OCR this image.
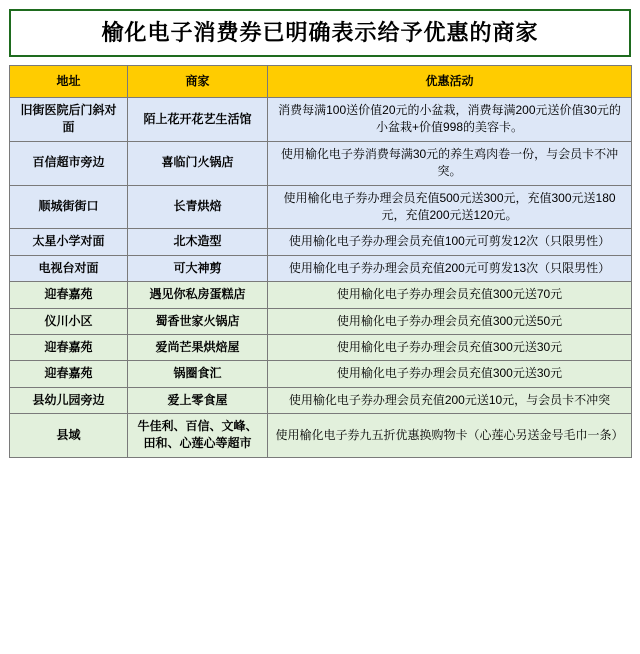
榆化电子消费券已明确表示给予优惠的商家
地址	商家	优惠活动
旧街医院后门斜对面	陌上花开花艺生活馆	消费每满100送价值20元的小盆栽，消费每满200元送价值30元的小盆栽+价值998的美容卡。
百信超市旁边	喜临门火锅店	使用榆化电子券消费每满30元的养生鸡肉卷一份，与会员卡不冲突。
顺城街街口	长青烘焙	使用榆化电子券办理会员充值500元送300元，充值300元送180元，充值200元送120元。
太星小学对面	北木造型	使用榆化电子券办理会员充值100元可剪发12次（只限男性）
电视台对面	可大神剪	使用榆化电子券办理会员充值200元可剪发13次（只限男性）
迎春嘉苑	遇见你私房蛋糕店	使用榆化电子券办理会员充值300元送70元
仪川小区	蜀香世家火锅店	使用榆化电子券办理会员充值300元送50元
迎春嘉苑	爱尚芒果烘焙屋	使用榆化电子券办理会员充值300元送30元
迎春嘉苑	锅圈食汇	使用榆化电子券办理会员充值300元送30元
县幼儿园旁边	爱上零食屋	使用榆化电子券办理会员充值200元送10元，与会员卡不冲突
县域	牛佳利、百信、文峰、田和、心莲心等超市	使用榆化电子券九五折优惠换购物卡（心莲心另送金号毛巾一条）
